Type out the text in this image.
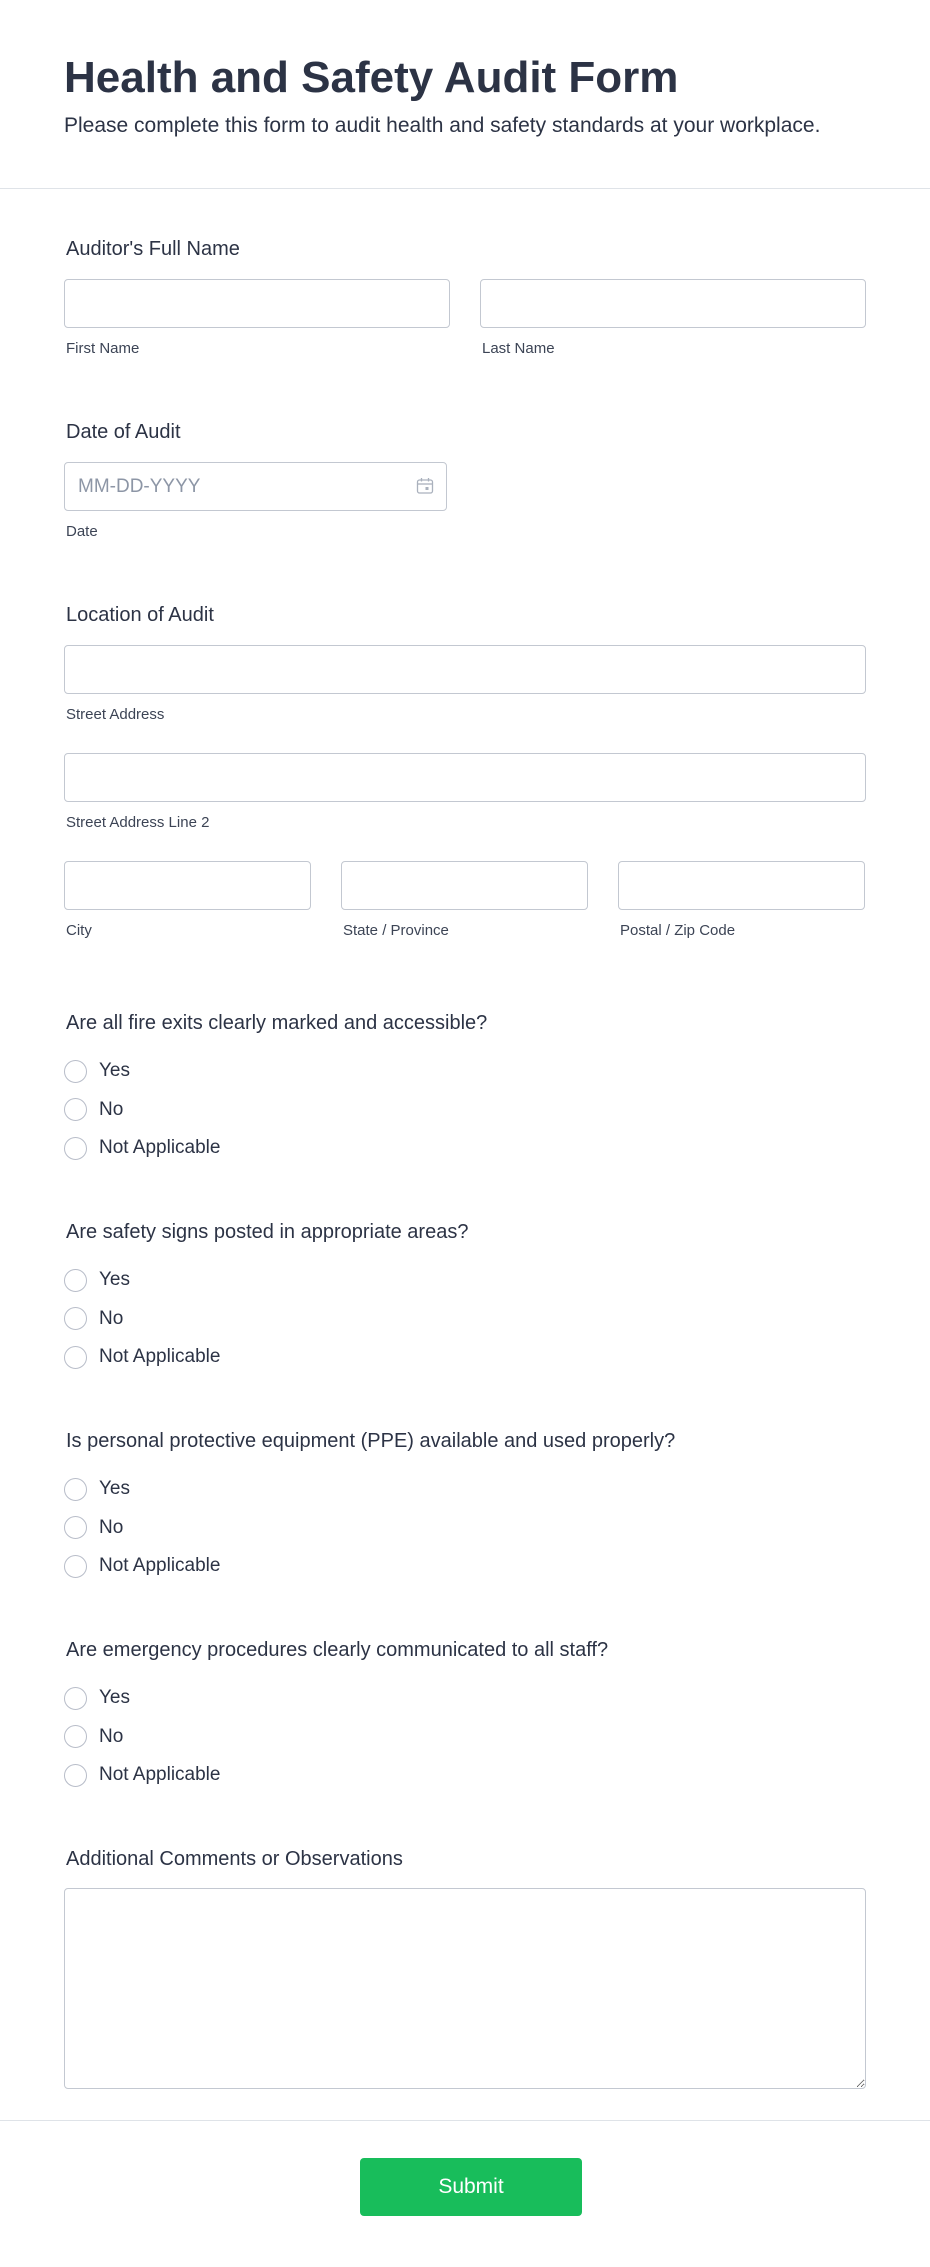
Health and Safety Audit Form

Please complete this form to audit health and safety standards at your workplace.

Auditor's Full Name
First Name	Last Name
Date of Audit
MM-DD-YYYY
Date
Location of Audit
Street Address
Street Address Line 2
City	State / Province	Postal / Zip Code
Are all fire exits clearly marked and accessible?
Yes
No
Not Applicable
Are safety signs posted in appropriate areas?
Yes
No
Not Applicable
Is personal protective equipment (PPE) available and used properly?
Yes
No
Not Applicable
Are emergency procedures clearly communicated to all staff?
Yes
No
Not Applicable
Additional Comments or Observations
Submit
